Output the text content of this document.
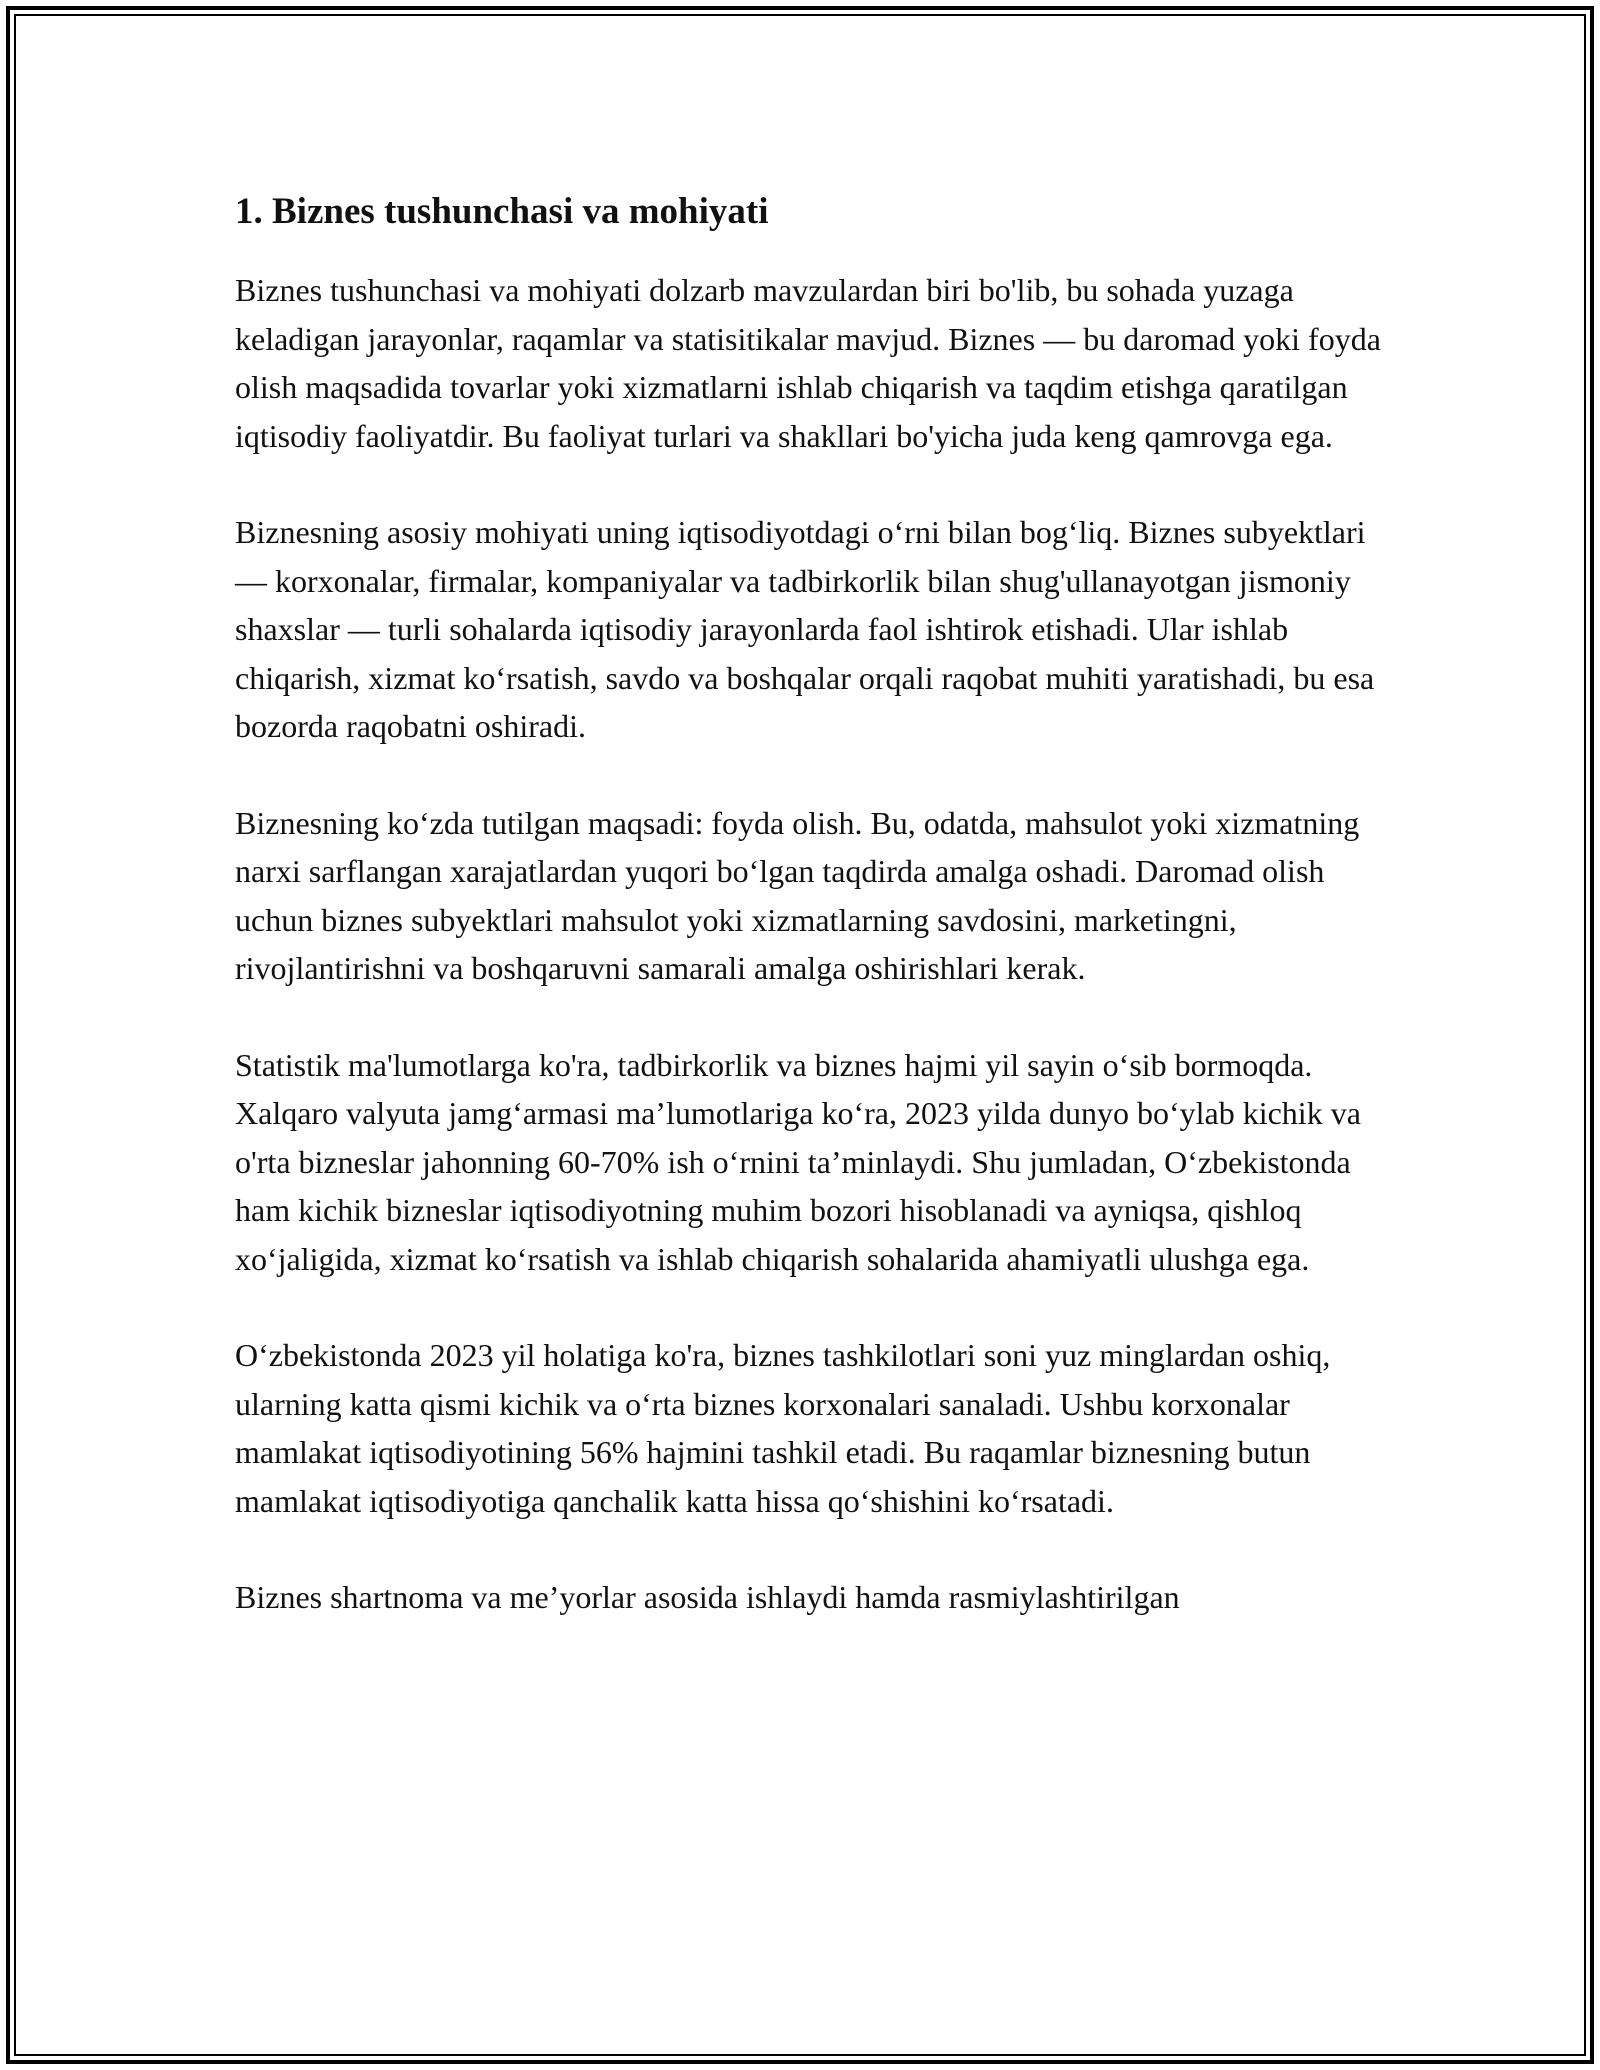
1. Biznes tushunchasi va mohiyati

Biznes tushunchasi va mohiyati dolzarb mavzulardan biri bo'lib, bu sohada yuzaga keladigan jarayonlar, raqamlar va statisitikalar mavjud. Biznes — bu daromad yoki foyda olish maqsadida tovarlar yoki xizmatlarni ishlab chiqarish va taqdim etishga qaratilgan iqtisodiy faoliyatdir. Bu faoliyat turlari va shakllari bo'yicha juda keng qamrovga ega.

Biznesning asosiy mohiyati uning iqtisodiyotdagi oʻrni bilan bogʻliq. Biznes subyektlari — korxonalar, firmalar, kompaniyalar va tadbirkorlik bilan shug'ullanayotgan jismoniy shaxslar — turli sohalarda iqtisodiy jarayonlarda faol ishtirok etishadi. Ular ishlab chiqarish, xizmat koʻrsatish, savdo va boshqalar orqali raqobat muhiti yaratishadi, bu esa bozorda raqobatni oshiradi.

Biznesning koʻzda tutilgan maqsadi: foyda olish. Bu, odatda, mahsulot yoki xizmatning narxi sarflangan xarajatlardan yuqori boʻlgan taqdirda amalga oshadi. Daromad olish uchun biznes subyektlari mahsulot yoki xizmatlarning savdosini, marketingni, rivojlantirishni va boshqaruvni samarali amalga oshirishlari kerak.

Statistik ma'lumotlarga ko'ra, tadbirkorlik va biznes hajmi yil sayin oʻsib bormoqda. Xalqaro valyuta jamgʻarmasi maʼlumotlariga koʻra, 2023 yilda dunyo boʻylab kichik va o'rta bizneslar jahonning 60-70% ish oʻrnini taʼminlaydi. Shu jumladan, Oʻzbekistonda ham kichik bizneslar iqtisodiyotning muhim bozori hisoblanadi va ayniqsa, qishloq xoʻjaligida, xizmat koʻrsatish va ishlab chiqarish sohalarida ahamiyatli ulushga ega.

Oʻzbekistonda 2023 yil holatiga ko'ra, biznes tashkilotlari soni yuz minglardan oshiq, ularning katta qismi kichik va oʻrta biznes korxonalari sanaladi. Ushbu korxonalar mamlakat iqtisodiyotining 56% hajmini tashkil etadi. Bu raqamlar biznesning butun mamlakat iqtisodiyotiga qanchalik katta hissa qoʻshishini koʻrsatadi.

Biznes shartnoma va meʼyorlar asosida ishlaydi hamda rasmiylashtirilgan
